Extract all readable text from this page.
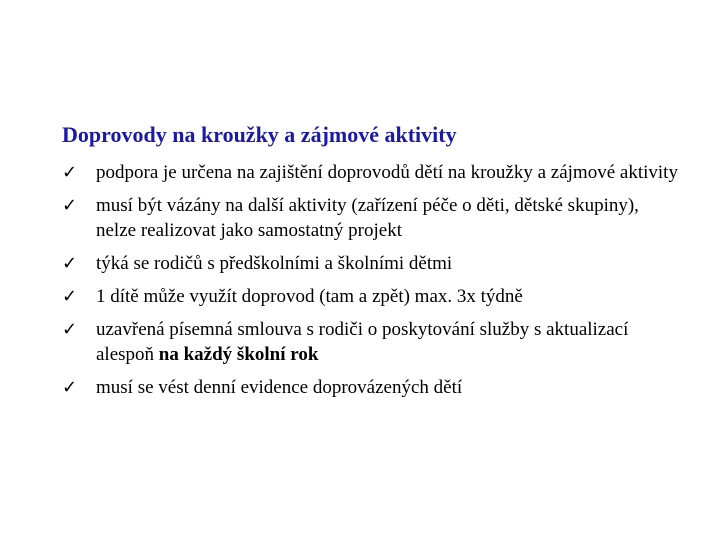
Doprovody na kroužky a zájmové aktivity
✓ podpora je určena na zajištění doprovodů dětí na kroužky a zájmové aktivity
✓ musí být vázány na další aktivity (zařízení péče o děti, dětské skupiny), nelze realizovat jako samostatný projekt
✓ týká se rodičů s předškolními a školními dětmi
✓ 1 dítě může využít doprovod (tam a zpět) max. 3x týdně
✓ uzavřená písemná smlouva s rodiči o poskytování služby s aktualizací alespoň na každý školní rok
✓ musí se vést denní evidence doprovázených dětí
